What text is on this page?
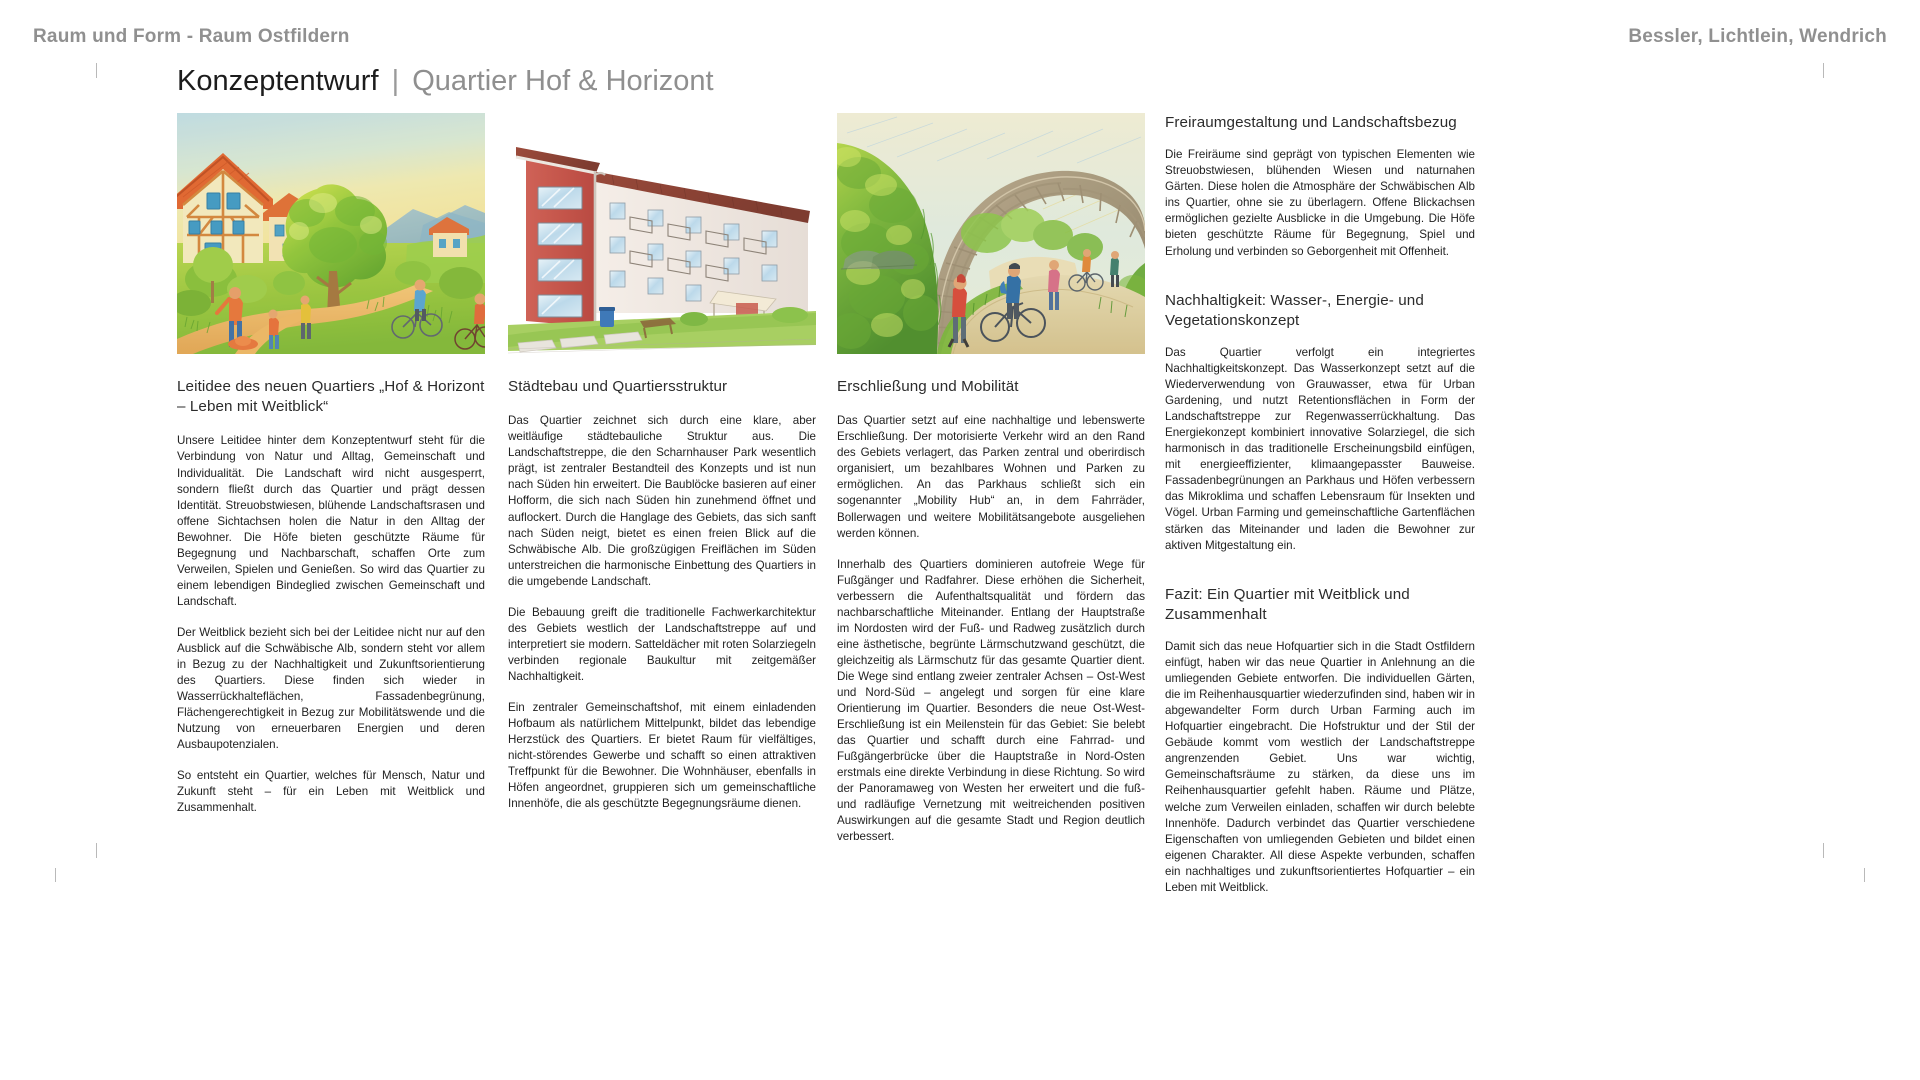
Raum und Form - Raum Ostfildern	Bessler, Lichtlein, Wendrich
Konzeptentwurf | Quartier Hof & Horizont
Leitidee des neuen Quartiers „Hof & Horizont – Leben mit Weitblick“

Unsere Leitidee hinter dem Konzeptentwurf steht für die Verbindung von Natur und Alltag, Gemeinschaft und Individualität. Die Landschaft wird nicht ausgesperrt, sondern fließt durch das Quartier und prägt dessen Identität. Streuobstwiesen, blühende Landschaftsrasen und offene Sichtachsen holen die Natur in den Alltag der Bewohner. Die Höfe bieten geschützte Räume für Begegnung und Nachbarschaft, schaffen Orte zum Verweilen, Spielen und Genießen. So wird das Quartier zu einem lebendigen Bindeglied zwischen Gemeinschaft und Landschaft.

Der Weitblick bezieht sich bei der Leitidee nicht nur auf den Ausblick auf die Schwäbische Alb, sondern steht vor allem in Bezug zu der Nachhaltigkeit und Zukunftsorientierung des Quartiers. Diese finden sich wieder in Wasserrückhalteflächen, Fassadenbegrünung, Flächengerechtigkeit in Bezug zur Mobilitätswende und die Nutzung von erneuerbaren Energien und deren Ausbaupotenzialen.

So entsteht ein Quartier, welches für Mensch, Natur und Zukunft steht – für ein Leben mit Weitblick und Zusammenhalt.

Städtebau und Quartiersstruktur

Das Quartier zeichnet sich durch eine klare, aber weitläufige städtebauliche Struktur aus. Die Landschaftstreppe, die den Scharnhauser Park wesentlich prägt, ist zentraler Bestandteil des Konzepts und ist nun nach Süden hin erweitert. Die Baublöcke basieren auf einer Hofform, die sich nach Süden hin zunehmend öffnet und auflockert. Durch die Hanglage des Gebiets, das sich sanft nach Süden neigt, bietet es einen freien Blick auf die Schwäbische Alb. Die großzügigen Freiflächen im Süden unterstreichen die harmonische Einbettung des Quartiers in die umgebende Landschaft.

Die Bebauung greift die traditionelle Fachwerkarchitektur des Gebiets westlich der Landschaftstreppe auf und interpretiert sie modern. Satteldächer mit roten Solarziegeln verbinden regionale Baukultur mit zeitgemäßer Nachhaltigkeit.

Ein zentraler Gemeinschaftshof, mit einem einladenden Hofbaum als natürlichem Mittelpunkt, bildet das lebendige Herzstück des Quartiers. Er bietet Raum für vielfältiges, nicht-störendes Gewerbe und schafft so einen attraktiven Treffpunkt für die Bewohner. Die Wohnhäuser, ebenfalls in Höfen angeordnet, gruppieren sich um gemeinschaftliche Innenhöfe, die als geschützte Begegnungsräume dienen.

Erschließung und Mobilität

Das Quartier setzt auf eine nachhaltige und lebenswerte Erschließung. Der motorisierte Verkehr wird an den Rand des Gebiets verlagert, das Parken zentral und oberirdisch organisiert, um bezahlbares Wohnen und Parken zu ermöglichen. An das Parkhaus schließt sich ein sogenannter „Mobility Hub“ an, in dem Fahrräder, Bollerwagen und weitere Mobilitätsangebote ausgeliehen werden können.

Innerhalb des Quartiers dominieren autofreie Wege für Fußgänger und Radfahrer. Diese erhöhen die Sicherheit, verbessern die Aufenthaltsqualität und fördern das nachbarschaftliche Miteinander. Entlang der Hauptstraße im Nordosten wird der Fuß- und Radweg zusätzlich durch eine ästhetische, begrünte Lärmschutzwand geschützt, die gleichzeitig als Lärmschutz für das gesamte Quartier dient. Die Wege sind entlang zweier zentraler Achsen – Ost-West und Nord-Süd – angelegt und sorgen für eine klare Orientierung im Quartier. Besonders die neue Ost-West-Erschließung ist ein Meilenstein für das Gebiet: Sie belebt das Quartier und schafft durch eine Fahrrad- und Fußgängerbrücke über die Hauptstraße in Nord-Osten erstmals eine direkte Verbindung in diese Richtung. So wird der Panoramaweg von Westen her erweitert und die fuß- und radläufige Vernetzung mit weitreichenden positiven Auswirkungen auf die gesamte Stadt und Region deutlich verbessert.

Freiraumgestaltung und Landschaftsbezug

Die Freiräume sind geprägt von typischen Elementen wie Streuobstwiesen, blühenden Wiesen und naturnahen Gärten. Diese holen die Atmosphäre der Schwäbischen Alb ins Quartier, ohne sie zu überlagern. Offene Blickachsen ermöglichen gezielte Ausblicke in die Umgebung. Die Höfe bieten geschützte Räume für Begegnung, Spiel und Erholung und verbinden so Geborgenheit mit Offenheit.

Nachhaltigkeit: Wasser-, Energie- und Vegetationskonzept

Das Quartier verfolgt ein integriertes Nachhaltigkeitskonzept. Das Wasserkonzept setzt auf die Wiederverwendung von Grauwasser, etwa für Urban Gardening, und nutzt Retentionsflächen in Form der Landschaftstreppe zur Regenwasserrückhaltung. Das Energiekonzept kombiniert innovative Solarziegel, die sich harmonisch in das traditionelle Erscheinungsbild einfügen, mit energieeffizienter, klimaangepasster Bauweise. Fassadenbegrünungen an Parkhaus und Höfen verbessern das Mikroklima und schaffen Lebensraum für Insekten und Vögel. Urban Farming und gemeinschaftliche Gartenflächen stärken das Miteinander und laden die Bewohner zur aktiven Mitgestaltung ein.

Fazit: Ein Quartier mit Weitblick und Zusammenhalt

Damit sich das neue Hofquartier sich in die Stadt Ostfildern einfügt, haben wir das neue Quartier in Anlehnung an die umliegenden Gebiete entworfen. Die individuellen Gärten, die im Reihenhausquartier wiederzufinden sind, haben wir in abgewandelter Form durch Urban Farming auch im Hofquartier eingebracht. Die Hofstruktur und der Stil der Gebäude kommt vom westlich der Landschaftstreppe angrenzenden Gebiet. Uns war wichtig, Gemeinschaftsräume zu stärken, da diese uns im Reihenhausquartier gefehlt haben. Räume und Plätze, welche zum Verweilen einladen, schaffen wir durch belebte Innenhöfe. Dadurch verbindet das Quartier verschiedene Eigenschaften von umliegenden Gebieten und bildet einen eigenen Charakter. All diese Aspekte verbunden, schaffen ein nachhaltiges und zukunftsorientiertes Hofquartier – ein Leben mit Weitblick.
